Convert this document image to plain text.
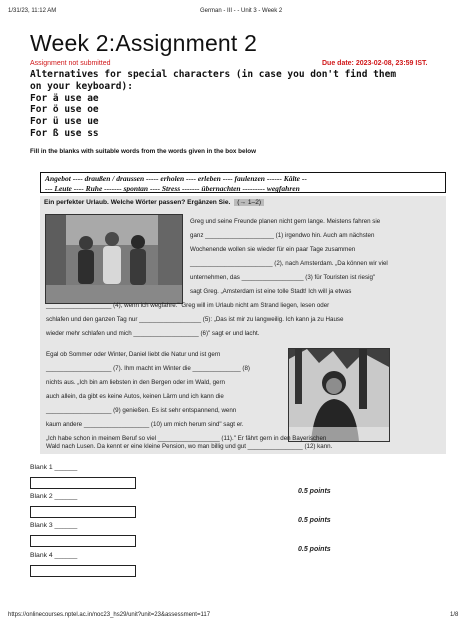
1/31/23, 11:12 AM	German - III - - Unit 3 - Week 2
Week 2:Assignment 2
Assignment not submitted	Due date: 2023-02-08, 23:59 IST.
Alternatives for special characters (in case you don't find them
on your keyboard):
For ä use ae
For ö use oe
For ü use ue
For ß use ss
Fill in the blanks with suitable words from the words given in the box below
Angebot ---- draußen / draussen ----- erholen ---- erleben ---- faulenzen ------ Kälte --
--- Leute ---- Ruhe ------- spontan ---- Stress ------- übernachten --------- wegfahren
Ein perfekter Urlaub. Welche Wörter passen? Ergänzen Sie. (→ 1–2)
Greg und seine Freunde planen nicht gern lange. Meistens fahren sie
ganz ____________________ (1) irgendwo hin. Auch am nächsten
Wochenende wollen sie wieder für ein paar Tage zusammen
________________________ (2), nach Amsterdam. „Da können wir viel
unternehmen, das __________________ (3) für Touristen ist riesig"
sagt Greg. „Amsterdam ist eine tolle Stadt! Ich will ja etwas
___________________ (4), wenn ich wegfahre." Greg will im Urlaub nicht am Strand liegen, lesen oder
schlafen und den ganzen Tag nur __________________ (5): „Das ist mir zu langweilig. Ich kann ja zu Hause
wieder mehr schlafen und mich ___________________ (6)" sagt er und lacht.
Egal ob Sommer oder Winter, Daniel liebt die Natur und ist gern
___________________ (7). Ihm macht im Winter die ______________ (8)
nichts aus. „Ich bin am liebsten in den Bergen oder im Wald, gern
auch allein, da gibt es keine Autos, keinen Lärm und ich kann die
___________________ (9) genießen. Es ist sehr entspannend, wenn
kaum andere ___________________ (10) um mich herum sind" sagt er.
„Ich habe schon in meinem Beruf so viel __________________ (11)." Er fährt gern in den Bayerischen
Wald nach Lusen. Da kennt er eine kleine Pension, wo man billig und gut ________________ (12) kann.
Blank 1 ______
0.5 points
Blank 2 ______
0.5 points
Blank 3 ______
0.5 points
Blank 4 ______
https://onlinecourses.nptel.ac.in/noc23_hs29/unit?unit=23&assessment=117	1/8
